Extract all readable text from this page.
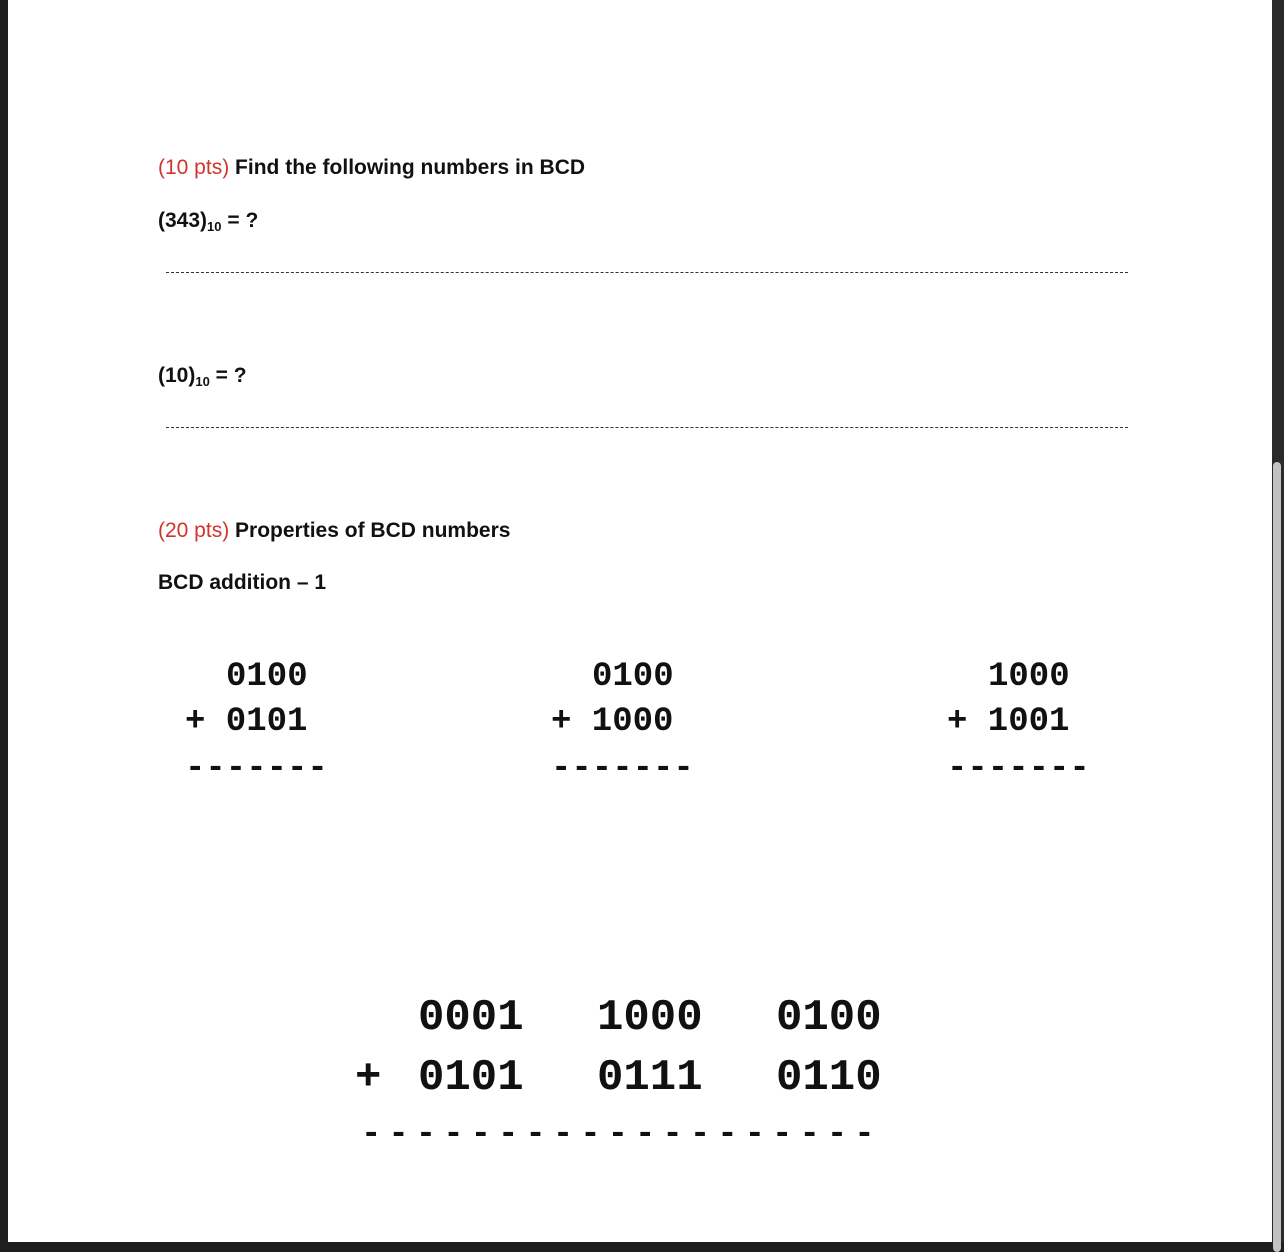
(10 pts) Find the following numbers in BCD
(343)10 = ?
(10)10 = ?
(20 pts) Properties of BCD numbers
BCD addition – 1
0100
+ 0101
-------
0100
+ 1000
-------
1000
+ 1001
-------
0001 1000 0100
+ 0101 0111 0110
-------------------
